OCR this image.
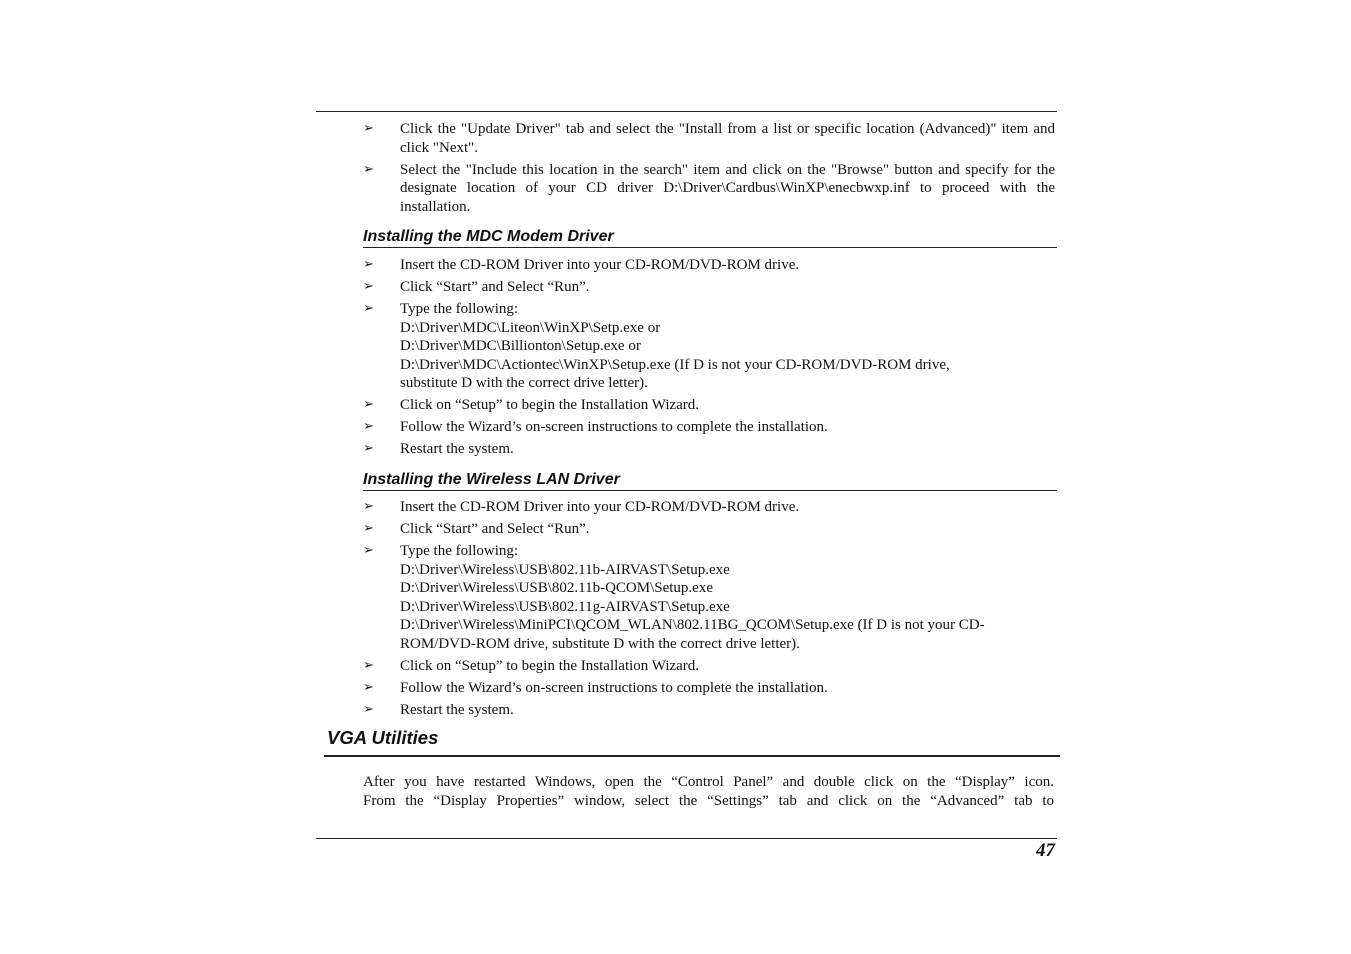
➢ Click the "Update Driver" tab and select the "Install from a list or specific location (Advanced)" item and click "Next".
➢ Select the "Include this location in the search" item and click on the "Browse" button and specify for the designate location of your CD driver D:\Driver\Cardbus\WinXP\enecbwxp.inf to proceed with the installation.
Installing the MDC Modem Driver
➢ Insert the CD-ROM Driver into your CD-ROM/DVD-ROM drive.
➢ Click “Start” and Select “Run”.
➢ Type the following:
D:\Driver\MDC\Liteon\WinXP\Setp.exe or
D:\Driver\MDC\Billionton\Setup.exe or
D:\Driver\MDC\Actiontec\WinXP\Setup.exe (If D is not your CD-ROM/DVD-ROM drive,
substitute D with the correct drive letter).
➢ Click on “Setup” to begin the Installation Wizard.
➢ Follow the Wizard’s on-screen instructions to complete the installation.
➢ Restart the system.
Installing the Wireless LAN Driver
➢ Insert the CD-ROM Driver into your CD-ROM/DVD-ROM drive.
➢ Click “Start” and Select “Run”.
➢ Type the following:
D:\Driver\Wireless\USB\802.11b-AIRVAST\Setup.exe
D:\Driver\Wireless\USB\802.11b-QCOM\Setup.exe
D:\Driver\Wireless\USB\802.11g-AIRVAST\Setup.exe
D:\Driver\Wireless\MiniPCI\QCOM_WLAN\802.11BG_QCOM\Setup.exe (If D is not your CD-
ROM/DVD-ROM drive, substitute D with the correct drive letter).
➢ Click on “Setup” to begin the Installation Wizard.
➢ Follow the Wizard’s on-screen instructions to complete the installation.
➢ Restart the system.
VGA Utilities

After you have restarted Windows, open the “Control Panel” and double click on the “Display” icon.

From the “Display Properties” window, select the “Settings” tab and click on the “Advanced” tab to

47
